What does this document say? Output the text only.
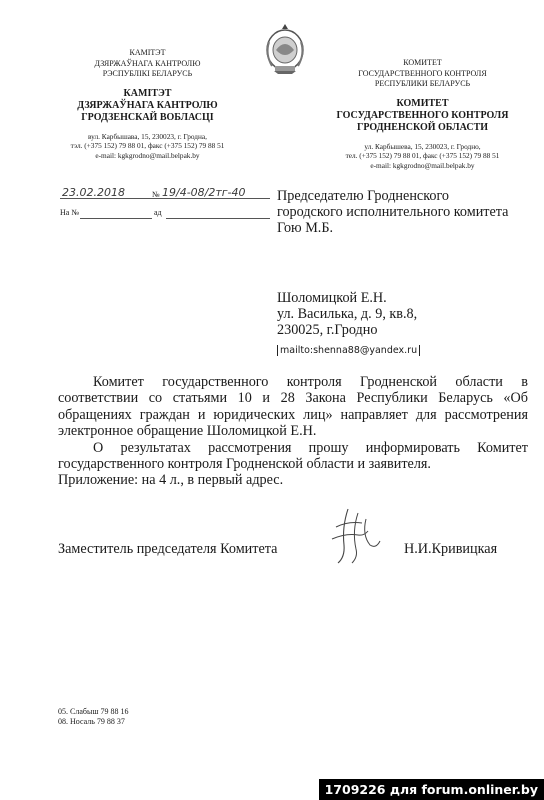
КАМІТЭТ
ДЗЯРЖАЎНАГА КАНТРОЛЮ
РЭСПУБЛІКІ БЕЛАРУСЬ
КАМІТЭТ
ДЗЯРЖАЎНАГА КАНТРОЛЮ
ГРОДЗЕНСКАЙ ВОБЛАСЦІ
вул. Карбышава, 15, 230023, г. Гродна,
тэл. (+375 152) 79 88 01, факс (+375 152) 79 88 51
e-mail: kgkgrodno@mail.belpak.by
КОМИТЕТ
ГОСУДАРСТВЕННОГО КОНТРОЛЯ
РЕСПУБЛИКИ БЕЛАРУСЬ
КОМИТЕТ
ГОСУДАРСТВЕННОГО КОНТРОЛЯ
ГРОДНЕНСКОЙ ОБЛАСТИ
ул. Карбышева, 15, 230023, г. Гродно,
тел. (+375 152) 79 88 01, факс (+375 152) 79 88 51
e-mail: kgkgrodno@mail.belpak.by
23.02.2018	№ 19/4-08/2тг-40
На №	ад
Председателю Гродненского
городского исполнительного комитета
Гою М.Б.
Шоломицкой Е.Н.
ул. Василька, д. 9, кв.8,
230025, г.Гродно
mailto:shenna88@yandex.ru
Комитет государственного контроля Гродненской области в соответствии со статьями 10 и 28 Закона Республики Беларусь «Об обращениях граждан и юридических лиц» направляет для рассмотрения электронное обращение Шоломицкой Е.Н.
О результатах рассмотрения прошу информировать Комитет государственного контроля Гродненской области и заявителя.
Приложение: на 4 л., в первый адрес.
Заместитель председателя Комитета	Н.И.Кривицкая
05. Слабыш 79 88 16
08. Носаль 79 88 37
1709226 для forum.onliner.by
